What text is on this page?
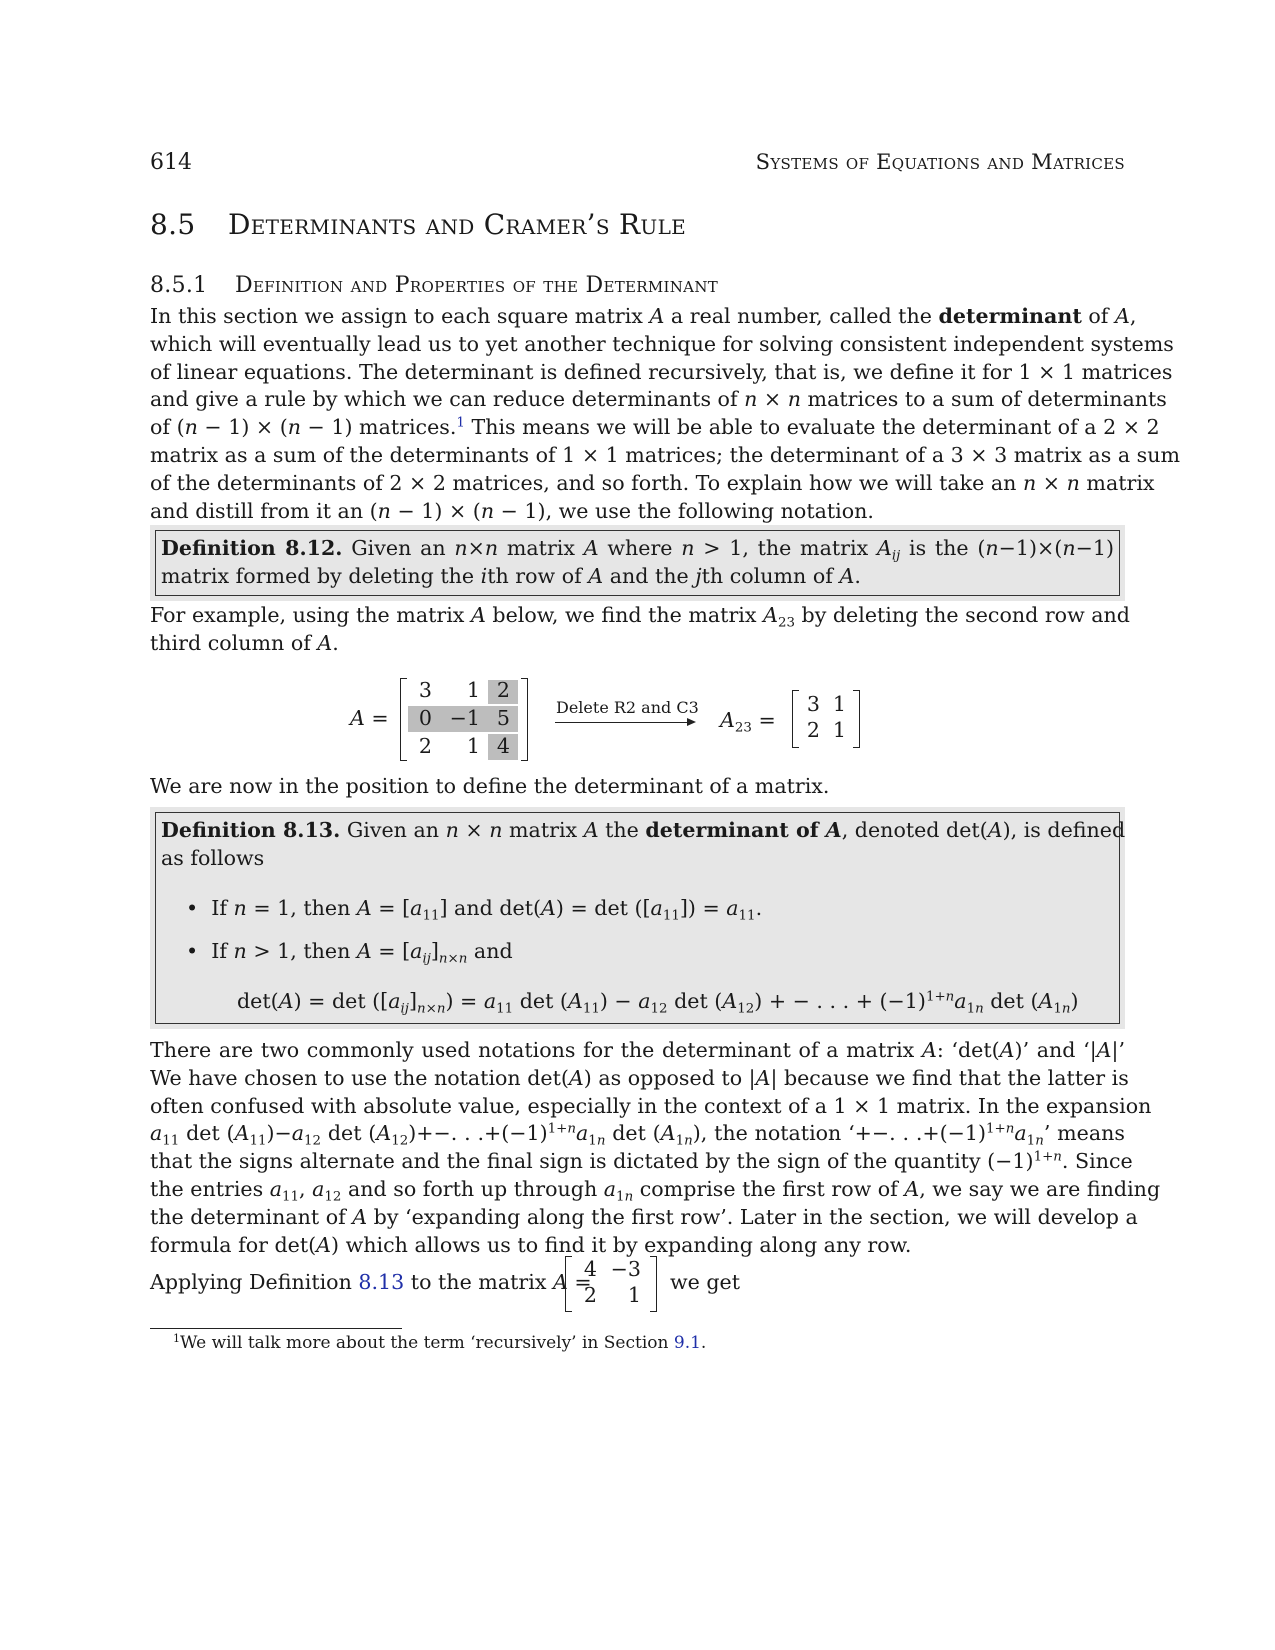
614	Systems of Equations and Matrices
8.5 Determinants and Cramer’s Rule
8.5.1 Definition and Properties of the Determinant
In this section we assign to each square matrix A a real number, called the determinant of A,
which will eventually lead us to yet another technique for solving consistent independent systems
of linear equations. The determinant is defined recursively, that is, we define it for 1 × 1 matrices
and give a rule by which we can reduce determinants of n × n matrices to a sum of determinants
of (n − 1) × (n − 1) matrices.$^1$ This means we will be able to evaluate the determinant of a 2 × 2
matrix as a sum of the determinants of 1 × 1 matrices; the determinant of a 3 × 3 matrix as a sum
of the determinants of 2 × 2 matrices, and so forth. To explain how we will take an n × n matrix
and distill from it an (n − 1) × (n − 1), we use the following notation.
Definition 8.12. Given an n×n matrix A where n > 1, the matrix $A_{ij}$ is the (n−1)×(n−1)
matrix formed by deleting the ith row of A and the jth column of A.
For example, using the matrix A below, we find the matrix $A_{23}$ by deleting the second row and
third column of A.
A =
3	1 2
0 −1 5
2	1 4
Delete R2 and C3
$A_{23}$ =
3 1
2 1
We are now in the position to define the determinant of a matrix.
Definition 8.13. Given an n × n matrix A the determinant of A, denoted det(A), is defined
as follows
•  If n = 1, then $A = [a_{11}]$ and $\det(A) = \det ([a_{11}]) = a_{11}$.
•  If n > 1, then $A = [a_{ij}]_{n\times n}$ and
$\det(A) = \det ([a_{ij}]_{n\times n}) = a_{11}$ $\det (A_{11}) - a_{12}$ $\det (A_{12})$ + − . . . + $(-1)^{1+n}a_{1n}$ $\det (A_{1n})$
There are two commonly used notations for the determinant of a matrix A: ‘det(A)’ and ‘|A|’
We have chosen to use the notation det(A) as opposed to |A| because we find that the latter is
often confused with absolute value, especially in the context of a 1 × 1 matrix. In the expansion
$a_{11}$ $\det (A_{11})-a_{12}$ $\det (A_{12})+-$. . $.+(-1)^{1+n}a_{1n}$ $\det (A_{1n})$, the notation ‘+−. . $.+(-1)^{1+n}a_{1n}$’ means
that the signs alternate and the final sign is dictated by the sign of the quantity $(-1)^{1+n}$. Since
the entries $a_{11}$, $a_{12}$ and so forth up through $a_{1n}$ comprise the first row of A, we say we are finding
the determinant of A by ‘expanding along the first row’. Later in the section, we will develop a
formula for det(A) which allows us to find it by expanding along any row.
Applying Definition 8.13 to the matrix A =
4 −3
2	1
we get
$^1$We will talk more about the term ‘recursively’ in Section 9.1.
